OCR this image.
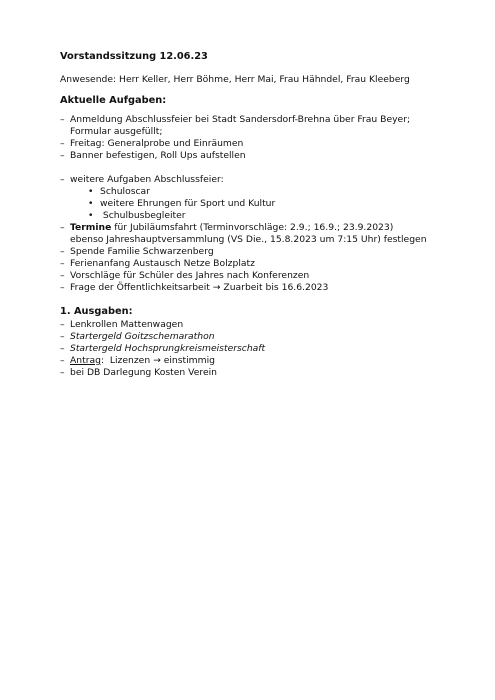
Vorstandssitzung 12.06.23
Anwesende: Herr Keller, Herr Böhme, Herr Mai, Frau Hähndel, Frau Kleeberg
Aktuelle Aufgaben:
– Anmeldung Abschlussfeier bei Stadt Sandersdorf-Brehna über Frau Beyer;
Formular ausgefüllt;
– Freitag: Generalprobe und Einräumen
– Banner befestigen, Roll Ups aufstellen
– weitere Aufgaben Abschlussfeier:
• Schuloscar
• weitere Ehrungen für Sport und Kultur
• Schulbusbegleiter
– Termine für Jubiläumsfahrt (Terminvorschläge: 2.9.; 16.9.; 23.9.2023)
ebenso Jahreshauptversammlung (VS Die., 15.8.2023 um 7:15 Uhr) festlegen
– Spende Familie Schwarzenberg
– Ferienanfang Austausch Netze Bolzplatz
– Vorschläge für Schüler des Jahres nach Konferenzen
– Frage der Öffentlichkeitsarbeit → Zuarbeit bis 16.6.2023
1. Ausgaben:
– Lenkrollen Mattenwagen
– Startergeld Goitzschemarathon
– Startergeld Hochsprungkreismeisterschaft
– Antrag:  Lizenzen → einstimmig
– bei DB Darlegung Kosten Verein
